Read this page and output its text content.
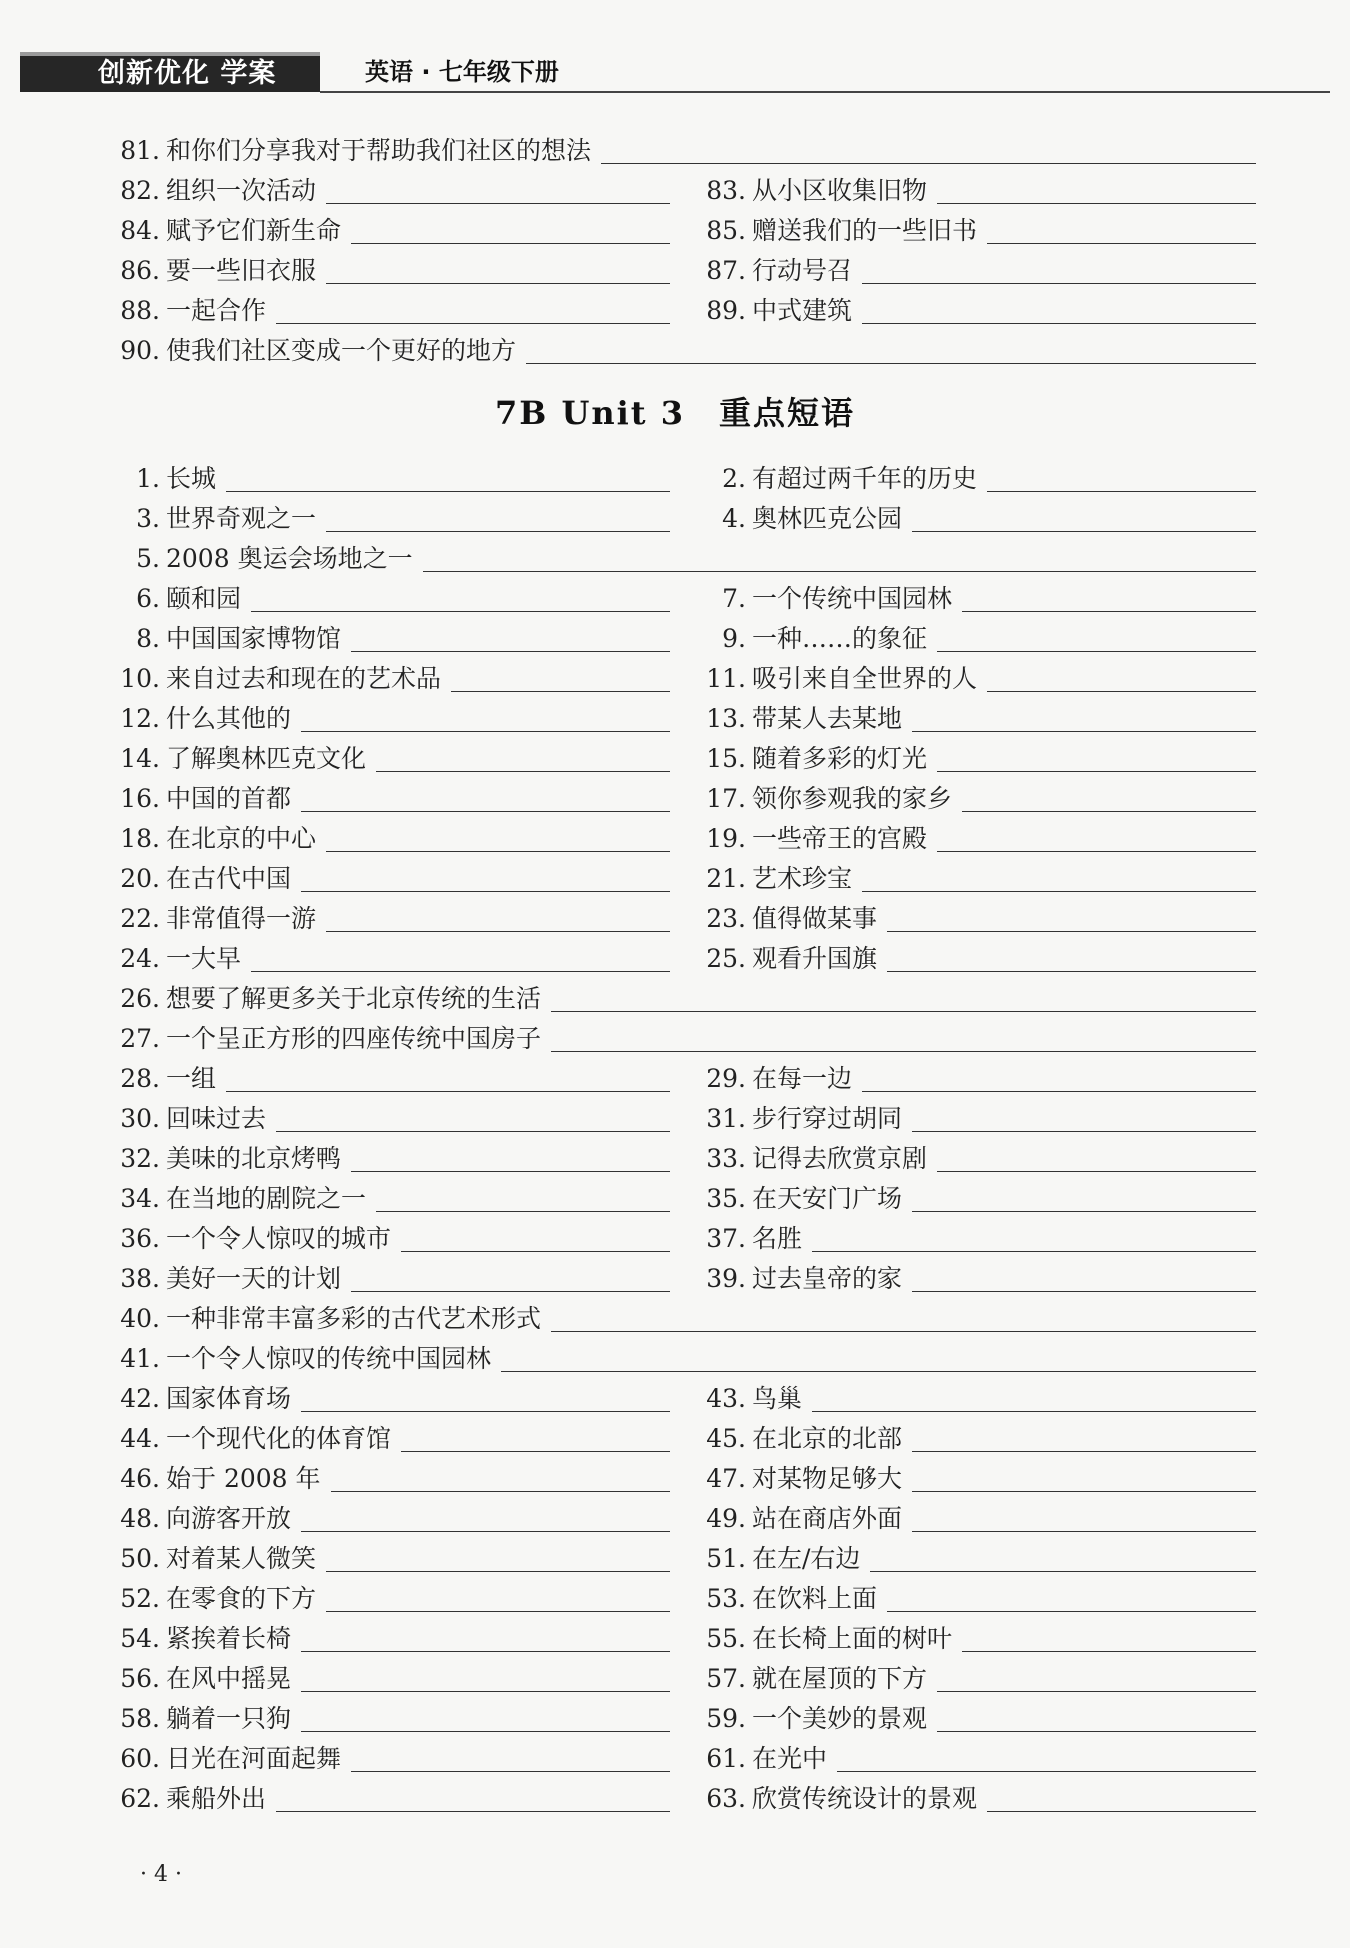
创新优化 学案	英语 · 七年级下册
81. 和你们分享我对于帮助我们社区的想法
82. 组织一次活动	83. 从小区收集旧物
84. 赋予它们新生命	85. 赠送我们的一些旧书
86. 要一些旧衣服	87. 行动号召
88. 一起合作	89. 中式建筑
90. 使我们社区变成一个更好的地方
7B Unit 3　重点短语
1. 长城	2. 有超过两千年的历史
3. 世界奇观之一	4. 奥林匹克公园
5. 2008 奥运会场地之一
6. 颐和园	7. 一个传统中国园林
8. 中国国家博物馆	9. 一种……的象征
10. 来自过去和现在的艺术品	11. 吸引来自全世界的人
12. 什么其他的	13. 带某人去某地
14. 了解奥林匹克文化	15. 随着多彩的灯光
16. 中国的首都	17. 领你参观我的家乡
18. 在北京的中心	19. 一些帝王的宫殿
20. 在古代中国	21. 艺术珍宝
22. 非常值得一游	23. 值得做某事
24. 一大早	25. 观看升国旗
26. 想要了解更多关于北京传统的生活
27. 一个呈正方形的四座传统中国房子
28. 一组	29. 在每一边
30. 回味过去	31. 步行穿过胡同
32. 美味的北京烤鸭	33. 记得去欣赏京剧
34. 在当地的剧院之一	35. 在天安门广场
36. 一个令人惊叹的城市	37. 名胜
38. 美好一天的计划	39. 过去皇帝的家
40. 一种非常丰富多彩的古代艺术形式
41. 一个令人惊叹的传统中国园林
42. 国家体育场	43. 鸟巢
44. 一个现代化的体育馆	45. 在北京的北部
46. 始于 2008 年	47. 对某物足够大
48. 向游客开放	49. 站在商店外面
50. 对着某人微笑	51. 在左/右边
52. 在零食的下方	53. 在饮料上面
54. 紧挨着长椅	55. 在长椅上面的树叶
56. 在风中摇晃	57. 就在屋顶的下方
58. 躺着一只狗	59. 一个美妙的景观
60. 日光在河面起舞	61. 在光中
62. 乘船外出	63. 欣赏传统设计的景观
· 4 ·
